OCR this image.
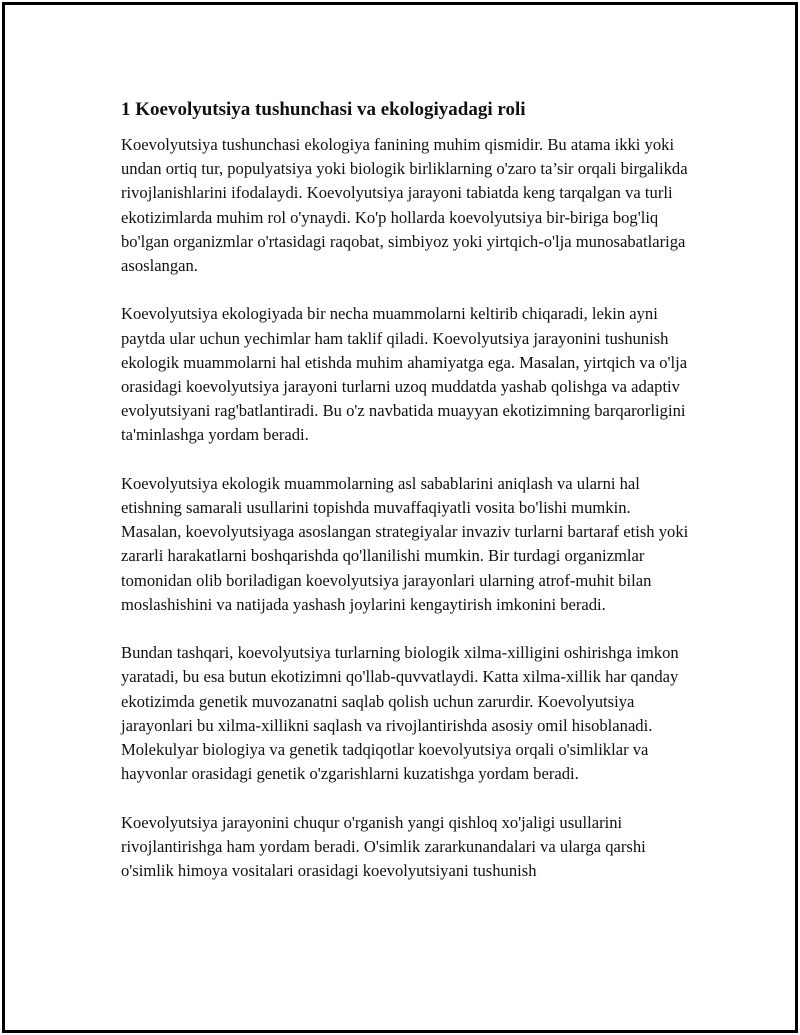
1 Koevolyutsiya tushunchasi va ekologiyadagi roli

Koevolyutsiya tushunchasi ekologiya fanining muhim qismidir. Bu atama ikki yoki undan ortiq tur, populyatsiya yoki biologik birliklarning o'zaro ta’sir orqali birgalikda rivojlanishlarini ifodalaydi. Koevolyutsiya jarayoni tabiatda keng tarqalgan va turli ekotizimlarda muhim rol o'ynaydi. Ko'p hollarda koevolyutsiya bir-biriga bog'liq bo'lgan organizmlar o'rtasidagi raqobat, simbiyoz yoki yirtqich-o'lja munosabatlariga asoslangan.

Koevolyutsiya ekologiyada bir necha muammolarni keltirib chiqaradi, lekin ayni paytda ular uchun yechimlar ham taklif qiladi. Koevolyutsiya jarayonini tushunish ekologik muammolarni hal etishda muhim ahamiyatga ega. Masalan, yirtqich va o'lja orasidagi koevolyutsiya jarayoni turlarni uzoq muddatda yashab qolishga va adaptiv evolyutsiyani rag'batlantiradi. Bu o'z navbatida muayyan ekotizimning barqarorligini ta'minlashga yordam beradi.

Koevolyutsiya ekologik muammolarning asl sabablarini aniqlash va ularni hal etishning samarali usullarini topishda muvaffaqiyatli vosita bo'lishi mumkin. Masalan, koevolyutsiyaga asoslangan strategiyalar invaziv turlarni bartaraf etish yoki zararli harakatlarni boshqarishda qo'llanilishi mumkin. Bir turdagi organizmlar tomonidan olib boriladigan koevolyutsiya jarayonlari ularning atrof-muhit bilan moslashishini va natijada yashash joylarini kengaytirish imkonini beradi.

Bundan tashqari, koevolyutsiya turlarning biologik xilma-xilligini oshirishga imkon yaratadi, bu esa butun ekotizimni qo'llab-quvvatlaydi. Katta xilma-xillik har qanday ekotizimda genetik muvozanatni saqlab qolish uchun zarurdir. Koevolyutsiya jarayonlari bu xilma-xillikni saqlash va rivojlantirishda asosiy omil hisoblanadi. Molekulyar biologiya va genetik tadqiqotlar koevolyutsiya orqali o'simliklar va hayvonlar orasidagi genetik o'zgarishlarni kuzatishga yordam beradi.

Koevolyutsiya jarayonini chuqur o'rganish yangi qishloq xo'jaligi usullarini rivojlantirishga ham yordam beradi. O'simlik zararkunandalari va ularga qarshi o'simlik himoya vositalari orasidagi koevolyutsiyani tushunish
